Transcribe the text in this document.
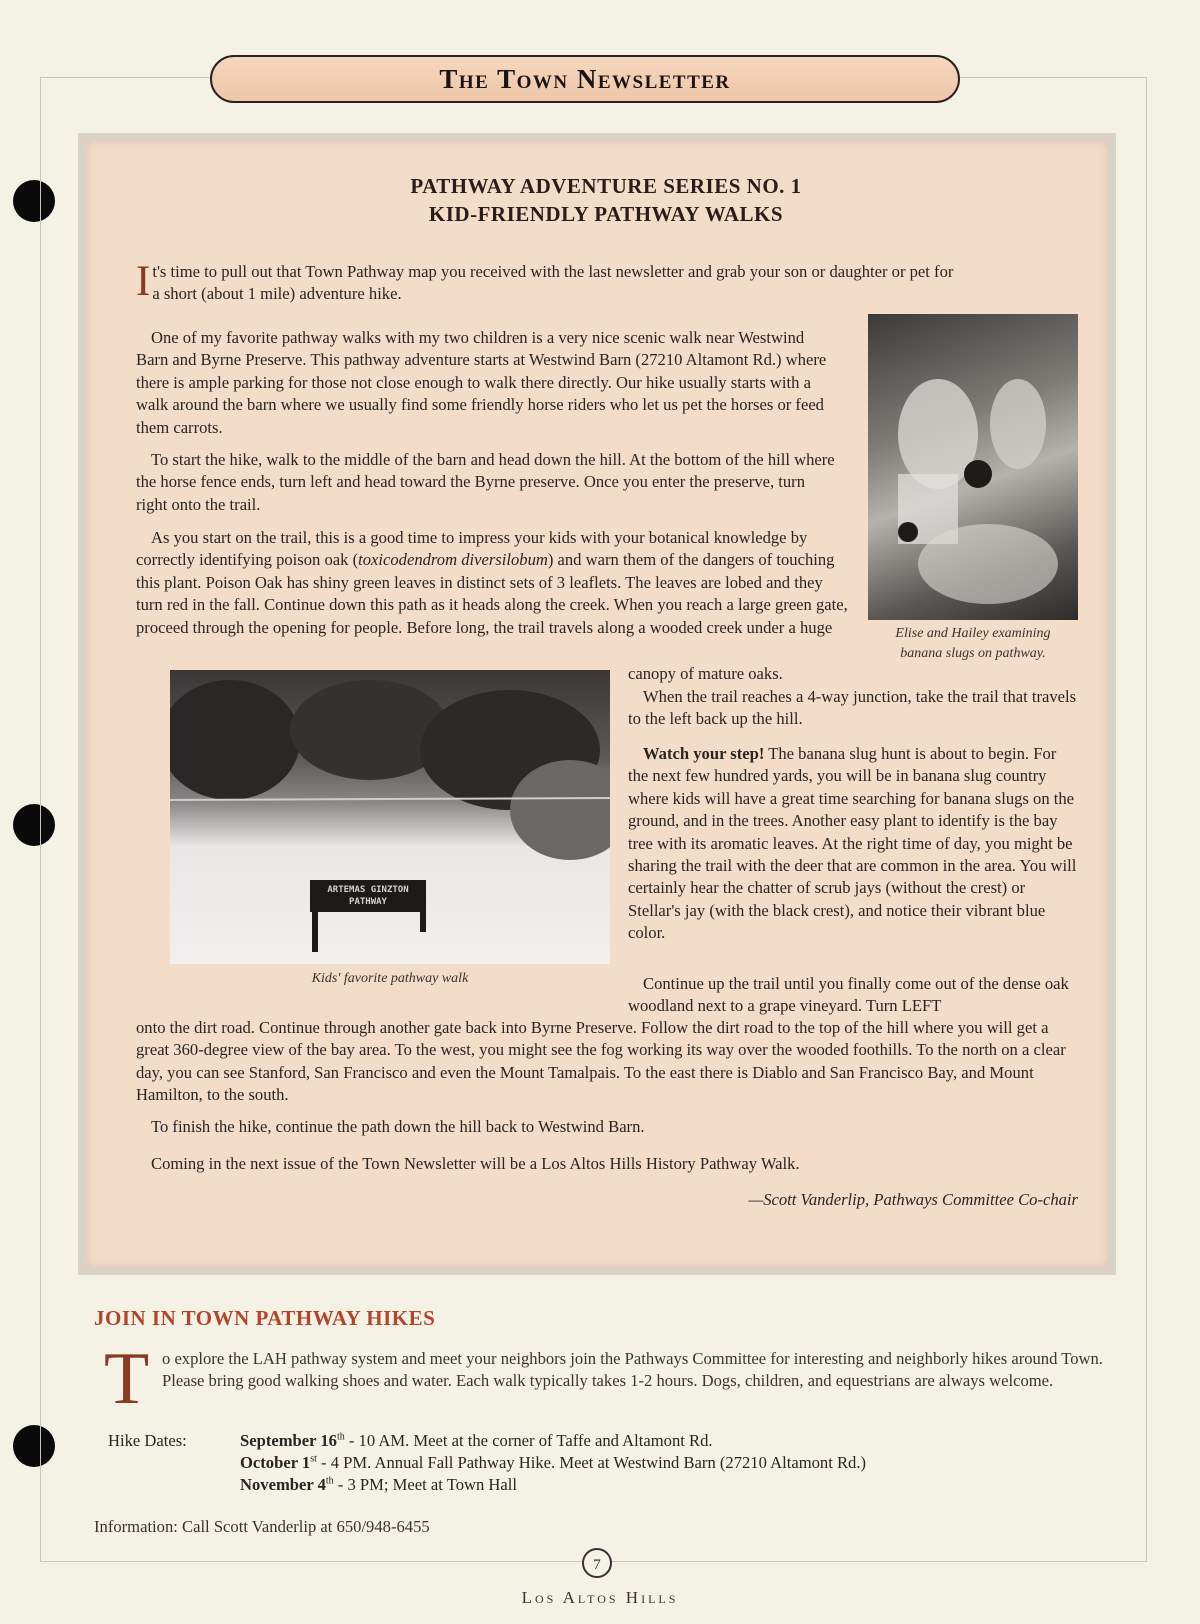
The Town Newsletter
PATHWAY ADVENTURE SERIES NO. 1
KID-FRIENDLY PATHWAY WALKS
I t's time to pull out that Town Pathway map you received with the last newsletter and grab your son or daughter or pet for a short (about 1 mile) adventure hike.
One of my favorite pathway walks with my two children is a very nice scenic walk near Westwind Barn and Byrne Preserve. This pathway adventure starts at Westwind Barn (27210 Altamont Rd.) where there is ample parking for those not close enough to walk there directly. Our hike usually starts with a walk around the barn where we usually find some friendly horse riders who let us pet the horses or feed them carrots.
To start the hike, walk to the middle of the barn and head down the hill. At the bottom of the hill where the horse fence ends, turn left and head toward the Byrne preserve. Once you enter the preserve, turn right onto the trail.
As you start on the trail, this is a good time to impress your kids with your botanical knowledge by correctly identifying poison oak (toxicodendrom diversilobum) and warn them of the dangers of touching this plant. Poison Oak has shiny green leaves in distinct sets of 3 leaflets. The leaves are lobed and they turn red in the fall. Continue down this path as it heads along the creek. When you reach a large green gate, proceed through the opening for people. Before long, the trail travels along a wooded creek under a huge
canopy of mature oaks.
Elise and Hailey examining
banana slugs on pathway.
ARTEMAS GINZTON
PATHWAY
Kids' favorite pathway walk
When the trail reaches a 4-way junction, take the trail that travels to the left back up the hill.
Watch your step! The banana slug hunt is about to begin. For the next few hundred yards, you will be in banana slug country where kids will have a great time searching for banana slugs on the ground, and in the trees. Another easy plant to identify is the bay tree with its aromatic leaves. At the right time of day, you might be sharing the trail with the deer that are common in the area. You will certainly hear the chatter of scrub jays (without the crest) or Stellar's jay (with the black crest), and notice their vibrant blue color.
Continue up the trail until you finally come out of the dense oak woodland next to a grape vineyard. Turn LEFT
onto the dirt road. Continue through another gate back into Byrne Preserve. Follow the dirt road to the top of the hill where you will get a great 360-degree view of the bay area. To the west, you might see the fog working its way over the wooded foothills. To the north on a clear day, you can see Stanford, San Francisco and even the Mount Tamalpais. To the east there is Diablo and San Francisco Bay, and Mount Hamilton, to the south.
To finish the hike, continue the path down the hill back to Westwind Barn.
Coming in the next issue of the Town Newsletter will be a Los Altos Hills History Pathway Walk.
—Scott Vanderlip, Pathways Committee Co-chair
JOIN IN TOWN PATHWAY HIKES
T o explore the LAH pathway system and meet your neighbors join the Pathways Committee for interesting and neighborly hikes around Town. Please bring good walking shoes and water. Each walk typically takes 1-2 hours. Dogs, children, and equestrians are always welcome.
Hike Dates:	September 16th - 10 AM. Meet at the corner of Taffe and Altamont Rd.
October 1st - 4 PM. Annual Fall Pathway Hike. Meet at Westwind Barn (27210 Altamont Rd.)
November 4th - 3 PM; Meet at Town Hall
Information: Call Scott Vanderlip at 650/948-6455
7
Los Altos Hills
